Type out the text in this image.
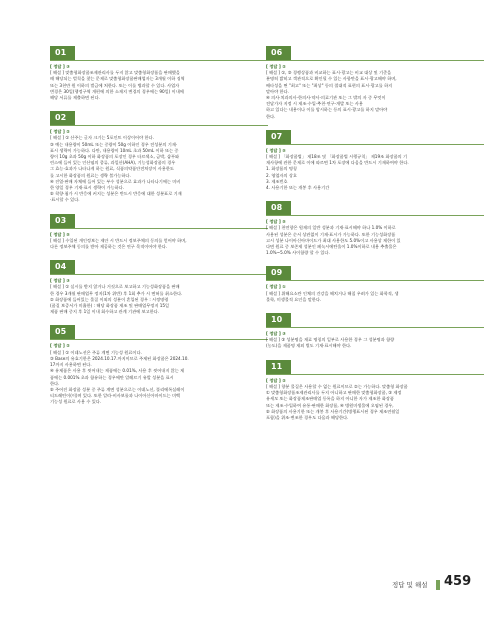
01
[ 정답 ] ③
[ 해설 ] 맞춤형화장품조제관리사를 두지 않고 맞춤형화장품을 판매했을
때 해당되는 벌칙을 찾는 문제로 맞춤형화장품판매업자는 3개월 이하 징역
또는 3천만 원 이하의 벌금에 처한다. 또는 이를 병과할 수 있다. 사업자
변경은 30일(행정구역 개편에 의한 소재지 변경의 경우에는 90일) 이내에
해당 서류를 제출하면 된다.
02
[ 정답 ] ②
[ 해설 ] ① 산주는 글자 크기는 5포인트 이상이어야 한다.
③ 예는 내용량이 50mL 또는 중량이 50g 이하인 경우 전성분의 기재·
표시 생략이 가능하다. 다만, 내용량이 10mL 초과 50mL 이하 또는 중
량이 10g 초과 50g 이하 화장품의 포장인 경우 타르색소, 금박, 샴푸와
린스에 들어 있는 인산염의 종류, 과일산(AHA), 기능성화장품의 경우
그 효능·효과가 나타나게 하는 원료, 식품의약품안전처장이 사용한도
를 고시한 화장품의 원료는 생략 불가능하다.
④ 진열·판매 자체에 들어 있는 부수 성분으로 효과가 나타나기에는 미비
한 양일 경우 기재·표시 생략이 가능하다.
⑤ 착향·첨가 시 반응에 커지는 성분은 반드시 반응에 대한 성분표로 기재
·표시할 수 있다.
03
[ 정답 ] ⑤
[ 해설 ] 수입된 개인정보는 제안 시 반드시 정보주체의 동의를 얻어야 하며,
다른 정보주체 동의를 받아 제공하는 것은 연구 목적이어야 한다.
04
[ 정답 ] ③
[ 해설 ] ① 실시를 받지 않거나 거짓으로 보고하고 기능성화장품을 판매
한 경우 3개월 판매업무 정지(1차 위반) 후 1회 추가 시 면허를 취소한다.
② 화장품에 들어있는 물질 이외의 성분이 혼입된 경우 : 시정명령
(품질 보증서가 미흡한) : 해당 화장품 제조 및 판매업무정지 15일
제품 판매 중지 후 1일 이내 회수하고 관계 기관에 보고한다.
05
[ 정답 ] ②
[ 해설 ] ① 이녜노선은 주류 계면 기능성 원료이다.
③ Base의 유효기한은 2024.10.17.까지이므로 주제된 화장품은 2024.10.
17까지 사용하면 된다.
④ 유제품은 사용 후 씻어내는 제품에는 0.01%, 사용 후 씻어내지 않는 제
품에는 0.001% 초과 함유하는 경우에만 알레르기 유발 성분을 표시
한다.
⑤ 주어진 화장품 성분 중 주류 계면 성분으로는 이녜노선, 폴리에톡실레이
티드레틴이(이)며 있다. 또한 알라-비사보롤과 나이아신아마이드는 미백
기능성 원료로 사용 수 있다.
06
[ 정답 ] ②
[ 해설 ] ①, ③ 경쟁상품과 비교하는 표시·광고는 비교 대상 및 기준을
분명히 밝히고 객관적으로 확인될 수 있는 사항만을 표시·광고해야 하며,
배타성을 띤 "최고" 또는 "최상" 등의 절대적 표현의 표시·광고를 하지
말아야 한다.
④ 의사·치과의사·한의사·약사·의료기관 또는 그 밖의 자 중 무엇이
전달가자 지정 시 제조·수입·추천·연구·개발 또는 사용
하고 있다는 내용이나 이를 암시하는 등의 표시·광고를 하지 말아야
한다.
07
[ 정답 ] ⑤
[ 해설 ] 「화장품법」 제18조 및 「화장품법 시행규칙」 제19조 화장품의 기
재사항에 관한 문제로 이에 따르면 1차 포장에 다음을 반드시 기재하여야 한다.
1. 화장품의 명칭
2. 영업자의 상호
3. 제조번호
4. 사용기한 또는 개봉 후 사용기간
08
[ 정답 ] ⑤
[ 해설 ] 천연향은 원재의 일반 성분과 기재·표시해야 하나 1.0% 이하로
사용된 성분은 순서 상관없이 기재·표시가 가능하다. 또한 기능성화장품
고시 성분 나이아신아마이드가 최대 사용한도 5.0%이고 사용상 제한이 있
다면 원료 중 보존제 성분인 페녹시에탄올이 1.0%이하로 내용 추출물은
1.0%~5.0% 사이함량 할 수 있다.
09
[ 정답 ] ①
[ 해설 ] 위해요소란 인체의 건강을 해치거나 해칠 우려가 있는 화학적, 생
물학, 미생물적 요인을 말한다.
10
[ 정답 ] ③
[ 해설 ] ③ 성분명을 재료 명칭의 일부로 사용한 경우 그 성분명과 함량
(농도)을 제품명 제외 별도 기재·표시해야 한다.
11
[ 정답 ] ②
[ 해설 ] 향분 물질은 사용할 수 없는 원료이므로 ②는 가능하다. 맞춤형 화장품
① 맞춤형화장품조제관리사를 두지 아니하고 판매한 맞춤형화장품, ③ 제정
유세모 또는 화장품제조판매업 등록을 하지 아니한 자가 제조한 화장품
또는 제조·수입하여 유통·판매한 화장품, ④ 병원미생물에 오염된 경우,
⑤ 화장품의 사용기한 또는 개봉 후 사용기간(병행표시된 경우 제조연월일
포함)을 위조·변조한 경우도 다음과 해당한다.
정답 및 해설 459
